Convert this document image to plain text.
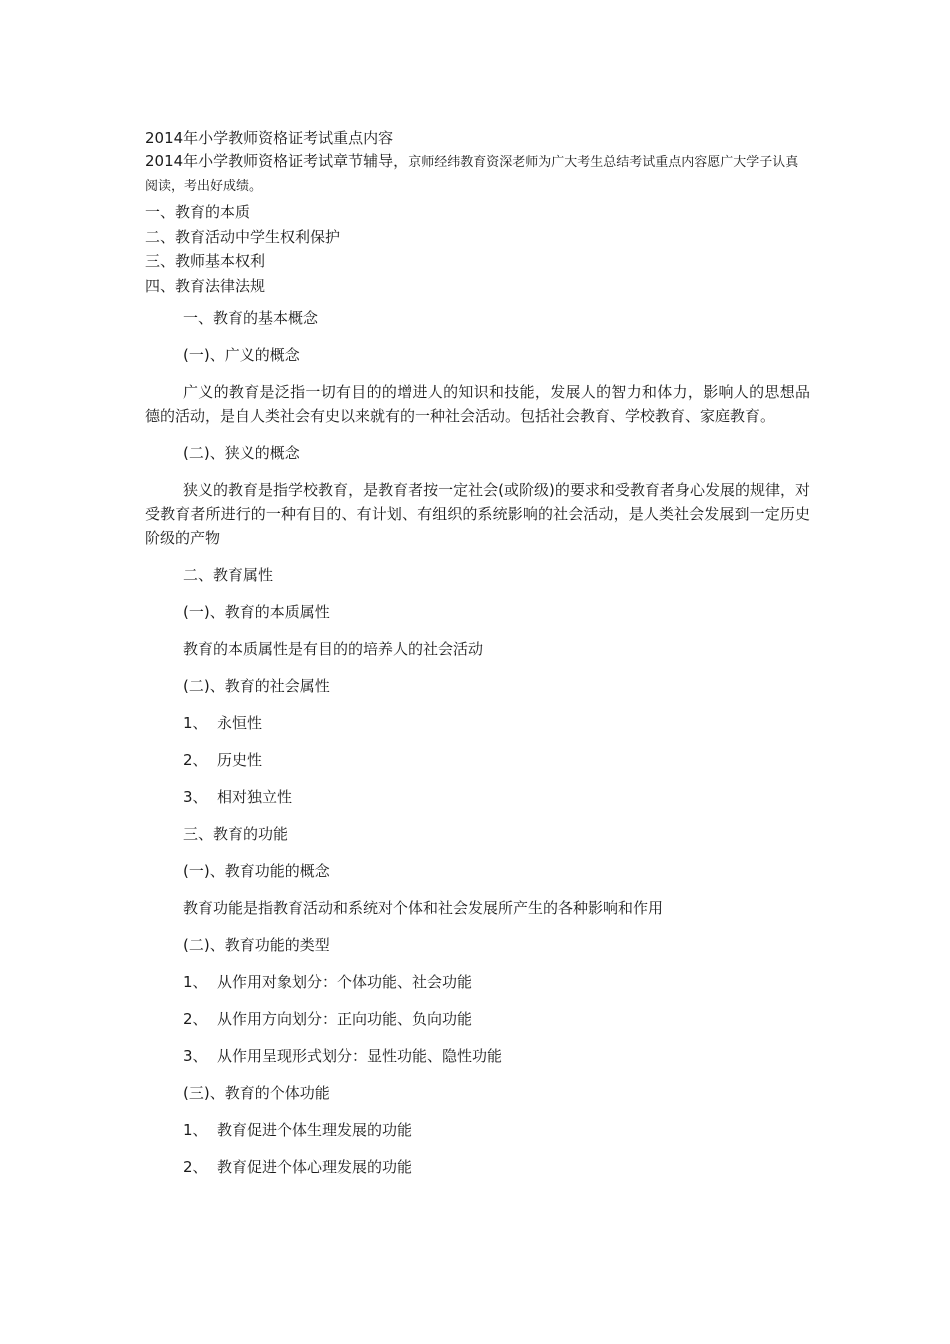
2014年小学教师资格证考试重点内容

2014年小学教师资格证考试章节辅导，京师经纬教育资深老师为广大考生总结考试重点内容愿广大学子认真阅读，考出好成绩。

一、教育的本质
二、教育活动中学生权利保护
三、教师基本权利
四、教育法律法规

一、教育的基本概念

(一)、广义的概念

广义的教育是泛指一切有目的的增进人的知识和技能，发展人的智力和体力，影响人的思想品德的活动，是自人类社会有史以来就有的一种社会活动。包括社会教育、学校教育、家庭教育。

(二)、狭义的概念

狭义的教育是指学校教育，是教育者按一定社会(或阶级)的要求和受教育者身心发展的规律，对受教育者所进行的一种有目的、有计划、有组织的系统影响的社会活动，是人类社会发展到一定历史阶级的产物

二、教育属性

(一)、教育的本质属性

教育的本质属性是有目的的培养人的社会活动

(二)、教育的社会属性

1、 永恒性

2、 历史性

3、 相对独立性

三、教育的功能

(一)、教育功能的概念

教育功能是指教育活动和系统对个体和社会发展所产生的各种影响和作用

(二)、教育功能的类型

1、 从作用对象划分：个体功能、社会功能

2、 从作用方向划分：正向功能、负向功能

3、 从作用呈现形式划分：显性功能、隐性功能

(三)、教育的个体功能

1、 教育促进个体生理发展的功能

2、 教育促进个体心理发展的功能
